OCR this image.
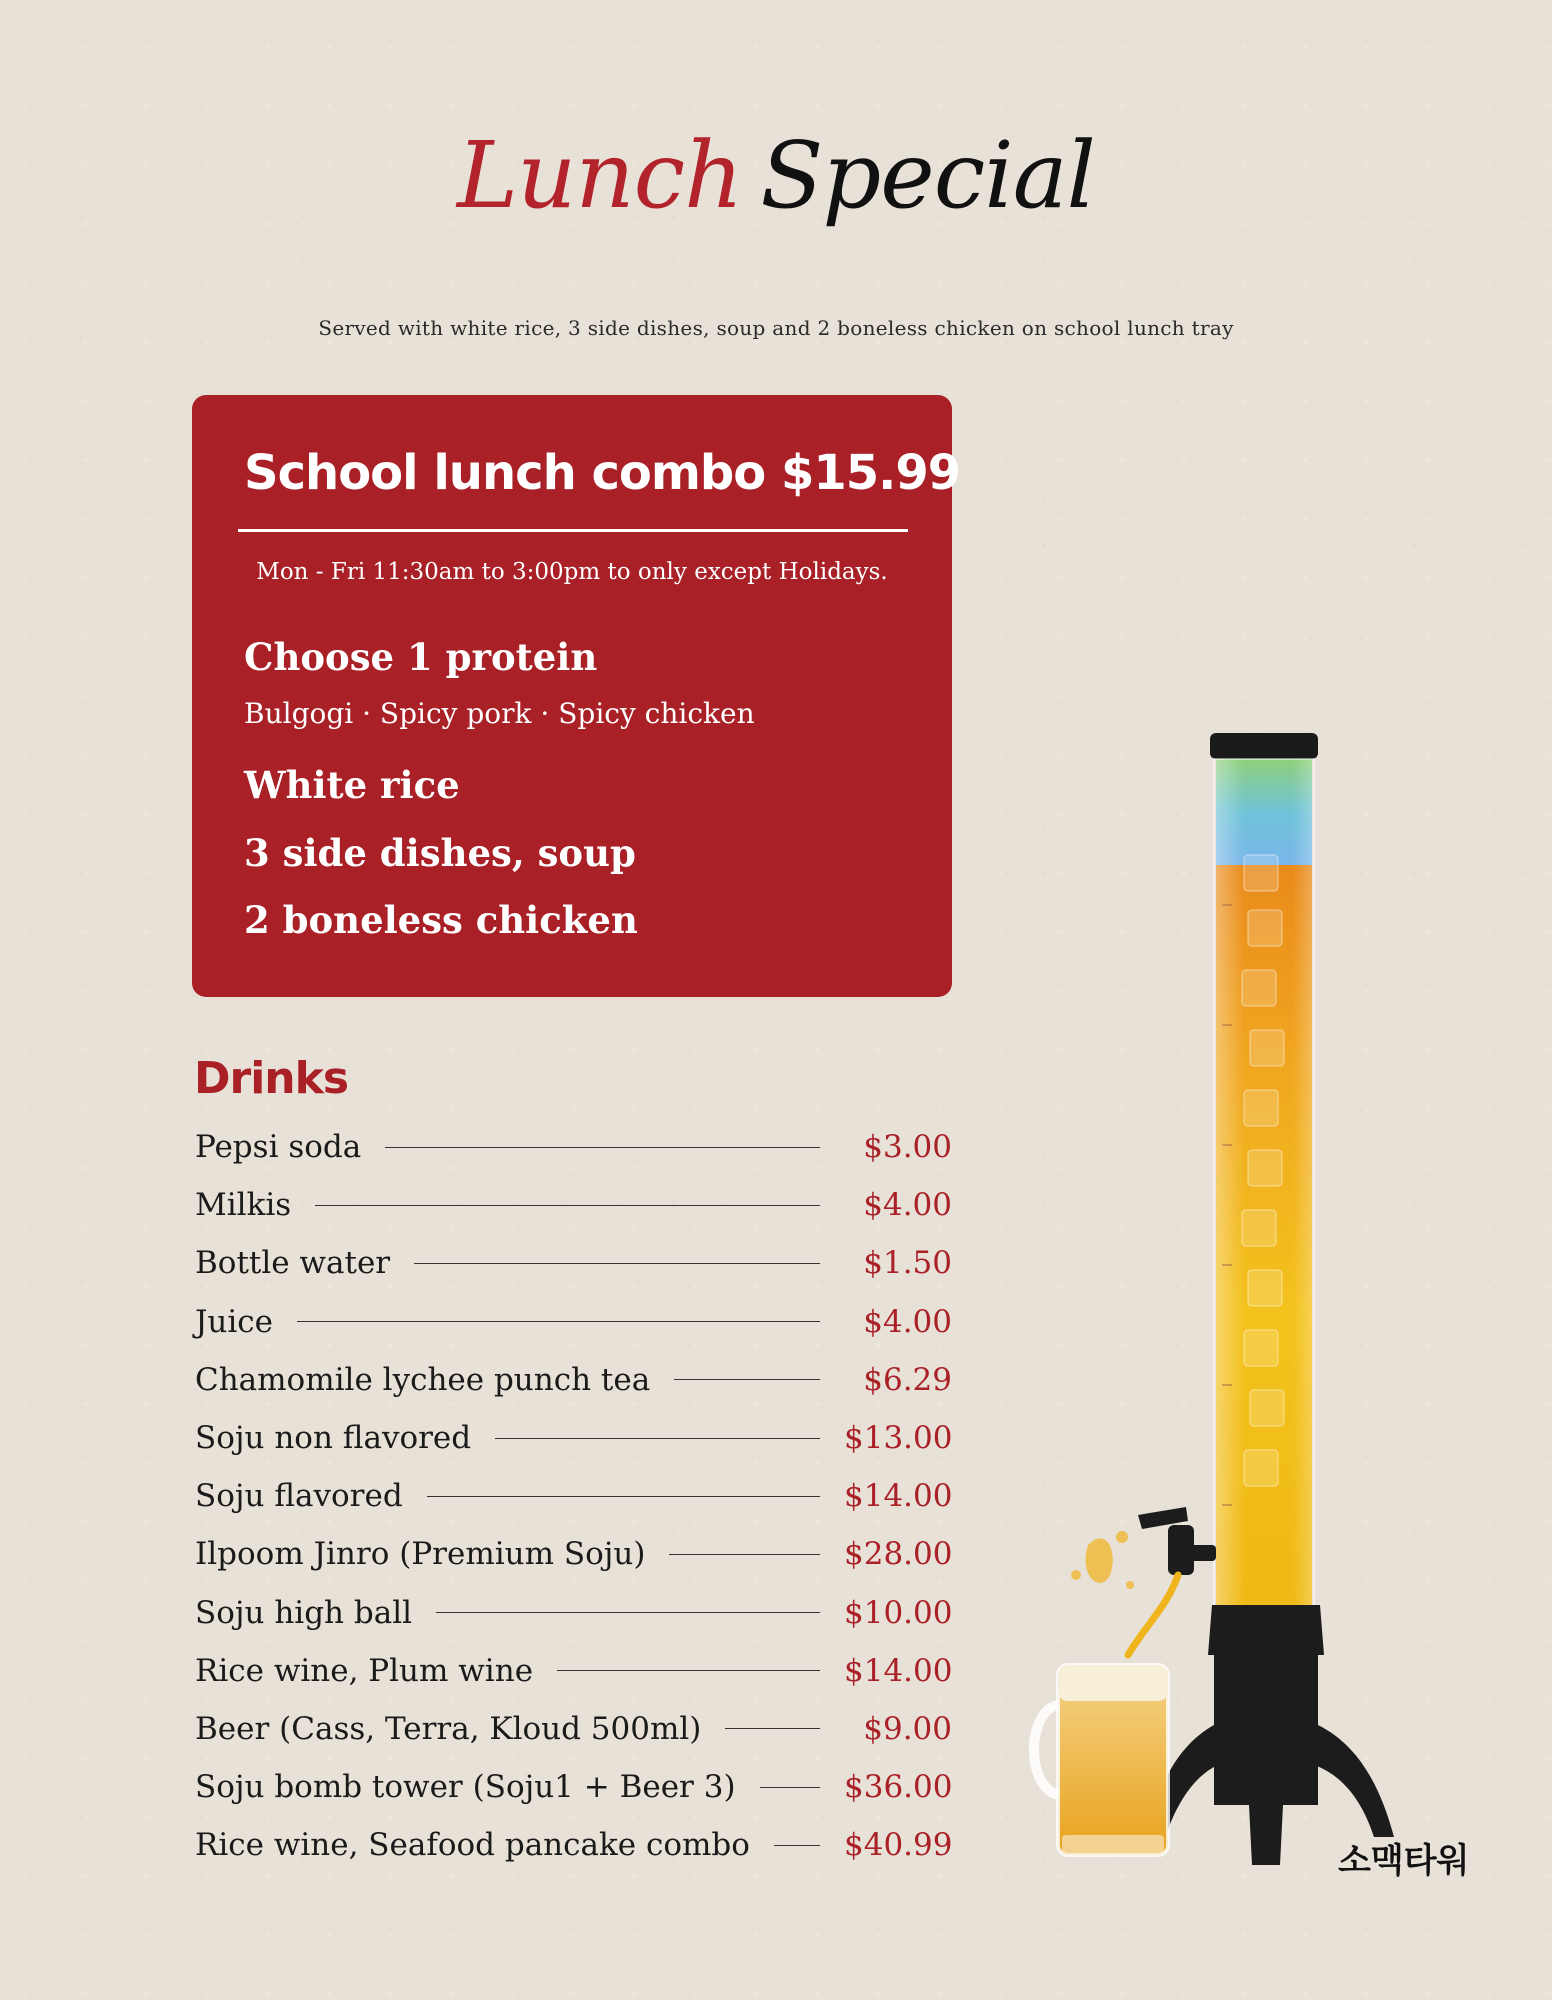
Lunch Special
Served with white rice, 3 side dishes, soup and 2 boneless chicken on school lunch tray
School lunch combo $15.99
Mon - Fri 11:30am to 3:00pm to only except Holidays.
Choose 1 protein
Bulgogi · Spicy pork · Spicy chicken
White rice
3 side dishes, soup
2 boneless chicken
Drinks
Pepsi soda	$3.00
Milkis	$4.00
Bottle water	$1.50
Juice	$4.00
Chamomile lychee punch tea	$6.29
Soju non flavored	$13.00
Soju flavored	$14.00
Ilpoom Jinro (Premium Soju)	$28.00
Soju high ball	$10.00
Rice wine, Plum wine	$14.00
Beer (Cass, Terra, Kloud 500ml)	$9.00
Soju bomb tower (Soju1 + Beer 3)	$36.00
Rice wine, Seafood pancake combo	$40.99	소맥타워
